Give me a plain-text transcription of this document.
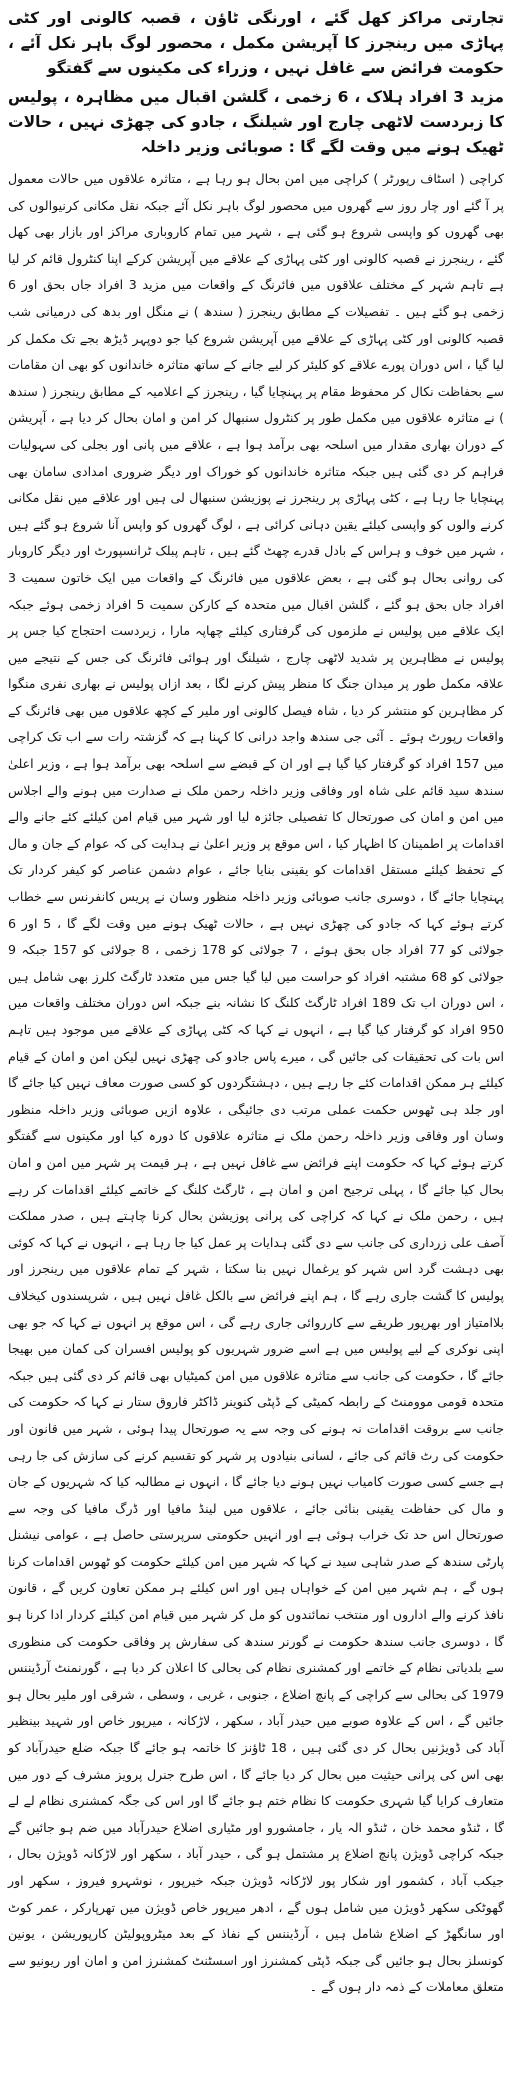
تجارتی مراکز کھل گئے ، اورنگی ٹاؤن ، قصبہ کالونی اور کٹی پہاڑی میں رینجرز کا آپریشن مکمل ، محصور لوگ باہر نکل آئے ، حکومت فرائض سے غافل نہیں ، وزراء کی مکینوں سے گفتگو
مزید 3 افراد ہلاک ، 6 زخمی ، گلشن اقبال میں مظاہرہ ، پولیس کا زبردست لاٹھی چارج اور شیلنگ ، جادو کی چھڑی نہیں ، حالات ٹھیک ہونے میں وقت لگے گا : صوبائی وزیر داخلہ

کراچی ( اسٹاف رپورٹر ) کراچی میں امن بحال ہو رہا ہے ، متاثرہ علاقوں میں حالات معمول پر آ گئے اور چار روز سے گھروں میں محصور لوگ باہر نکل آئے جبکہ نقل مکانی کرنیوالوں کی بھی گھروں کو واپسی شروع ہو گئی ہے ، شہر میں تمام کاروباری مراکز اور بازار بھی کھل گئے ، رینجرز نے قصبہ کالونی اور کٹی پہاڑی کے علاقے میں آپریشن کرکے اپنا کنٹرول قائم کر لیا ہے تاہم شہر کے مختلف علاقوں میں فائرنگ کے واقعات میں مزید 3 افراد جاں بحق اور 6 زخمی ہو گئے ہیں ۔ تفصیلات کے مطابق رینجرز ( سندھ ) نے منگل اور بدھ کی درمیانی شب قصبہ کالونی اور کٹی پہاڑی کے علاقے میں آپریشن شروع کیا جو دوپہر ڈیڑھ بجے تک مکمل کر لیا گیا ، اس دوران پورے علاقے کو کلیئر کر لیے جانے کے ساتھ متاثرہ خاندانوں کو بھی ان مقامات سے بحفاظت نکال کر محفوظ مقام پر پہنچایا گیا ، رینجرز کے اعلامیہ کے مطابق رینجرز ( سندھ ) نے متاثرہ علاقوں میں مکمل طور پر کنٹرول سنبھال کر امن و امان بحال کر دیا ہے ، آپریشن کے دوران بھاری مقدار میں اسلحہ بھی برآمد ہوا ہے ، علاقے میں پانی اور بجلی کی سہولیات فراہم کر دی گئی ہیں جبکہ متاثرہ خاندانوں کو خوراک اور دیگر ضروری امدادی سامان بھی پہنچایا جا رہا ہے ، کٹی پہاڑی پر رینجرز نے پوزیشن سنبھال لی ہیں اور علاقے میں نقل مکانی کرنے والوں کو واپسی کیلئے یقین دہانی کرائی ہے ، لوگ گھروں کو واپس آنا شروع ہو گئے ہیں ، شہر میں خوف و ہراس کے بادل قدرے چھٹ گئے ہیں ، تاہم پبلک ٹرانسپورٹ اور دیگر کاروبار کی روانی بحال ہو گئی ہے ، بعض علاقوں میں فائرنگ کے واقعات میں ایک خاتون سمیت 3 افراد جاں بحق ہو گئے ، گلشن اقبال میں متحدہ کے کارکن سمیت 5 افراد زخمی ہوئے جبکہ ایک علاقے میں پولیس نے ملزموں کی گرفتاری کیلئے چھاپہ مارا ، زبردست احتجاج کیا جس پر پولیس نے مظاہرین پر شدید لاٹھی چارج ، شیلنگ اور ہوائی فائرنگ کی جس کے نتیجے میں علاقہ مکمل طور پر میدان جنگ کا منظر پیش کرنے لگا ، بعد ازاں پولیس نے بھاری نفری منگوا کر مظاہرین کو منتشر کر دیا ، شاہ فیصل کالونی اور ملیر کے کچھ علاقوں میں بھی فائرنگ کے واقعات رپورٹ ہوئے ۔ آئی جی سندھ واجد درانی کا کہنا ہے کہ گزشتہ رات سے اب تک کراچی میں 157 افراد کو گرفتار کیا گیا ہے اور ان کے قبضے سے اسلحہ بھی برآمد ہوا ہے ، وزیر اعلیٰ سندھ سید قائم علی شاہ اور وفاقی وزیر داخلہ رحمن ملک نے صدارت میں ہونے والے اجلاس میں امن و امان کی صورتحال کا تفصیلی جائزہ لیا اور شہر میں قیام امن کیلئے کئے جانے والے اقدامات پر اطمینان کا اظہار کیا ، اس موقع پر وزیر اعلیٰ نے ہدایت کی کہ عوام کے جان و مال کے تحفظ کیلئے مستقل اقدامات کو یقینی بنایا جائے ، عوام دشمن عناصر کو کیفر کردار تک پہنچایا جائے گا ، دوسری جانب صوبائی وزیر داخلہ منظور وسان نے پریس کانفرنس سے خطاب کرتے ہوئے کہا کہ جادو کی چھڑی نہیں ہے ، حالات ٹھیک ہونے میں وقت لگے گا ، 5 اور 6 جولائی کو 77 افراد جاں بحق ہوئے ، 7 جولائی کو 178 زخمی ، 8 جولائی کو 157 جبکہ 9 جولائی کو 68 مشتبہ افراد کو حراست میں لیا گیا جس میں متعدد ٹارگٹ کلرز بھی شامل ہیں ، اس دوران اب تک 189 افراد ٹارگٹ کلنگ کا نشانہ بنے جبکہ اس دوران مختلف واقعات میں 950 افراد کو گرفتار کیا گیا ہے ، انہوں نے کہا کہ کٹی پہاڑی کے علاقے میں موجود ہیں تاہم اس بات کی تحقیقات کی جائیں گی ، میرے پاس جادو کی چھڑی نہیں لیکن امن و امان کے قیام کیلئے ہر ممکن اقدامات کئے جا رہے ہیں ، دہشتگردوں کو کسی صورت معاف نہیں کیا جائے گا اور جلد ہی ٹھوس حکمت عملی مرتب دی جائیگی ، علاوہ ازیں صوبائی وزیر داخلہ منظور وسان اور وفاقی وزیر داخلہ رحمن ملک نے متاثرہ علاقوں کا دورہ کیا اور مکینوں سے گفتگو کرتے ہوئے کہا کہ حکومت اپنے فرائض سے غافل نہیں ہے ، ہر قیمت پر شہر میں امن و امان بحال کیا جائے گا ، پہلی ترجیح امن و امان ہے ، ٹارگٹ کلنگ کے خاتمے کیلئے اقدامات کر رہے ہیں ، رحمن ملک نے کہا کہ کراچی کی پرانی پوزیشن بحال کرنا چاہتے ہیں ، صدر مملکت آصف علی زرداری کی جانب سے دی گئی ہدایات پر عمل کیا جا رہا ہے ، انہوں نے کہا کہ کوئی بھی دہشت گرد اس شہر کو یرغمال نہیں بنا سکتا ، شہر کے تمام علاقوں میں رینجرز اور پولیس کا گشت جاری رہے گا ، ہم اپنے فرائض سے بالکل غافل نہیں ہیں ، شرپسندوں کیخلاف بلاامتیاز اور بھرپور طریقے سے کارروائی جاری رہے گی ، اس موقع پر انہوں نے کہا کہ جو بھی اپنی نوکری کے لیے پولیس میں ہے اسے ضرور شہریوں کو پولیس افسران کی کمان میں بھیجا جائے گا ، حکومت کی جانب سے متاثرہ علاقوں میں امن کمیٹیاں بھی قائم کر دی گئی ہیں جبکہ متحدہ قومی موومنٹ کے رابطہ کمیٹی کے ڈپٹی کنوینر ڈاکٹر فاروق ستار نے کہا کہ حکومت کی جانب سے بروقت اقدامات نہ ہونے کی وجہ سے یہ صورتحال پیدا ہوئی ، شہر میں قانون اور حکومت کی رٹ قائم کی جائے ، لسانی بنیادوں پر شہر کو تقسیم کرنے کی سازش کی جا رہی ہے جسے کسی صورت کامیاب نہیں ہونے دیا جائے گا ، انہوں نے مطالبہ کیا کہ شہریوں کے جان و مال کی حفاظت یقینی بنائی جائے ، علاقوں میں لینڈ مافیا اور ڈرگ مافیا کی وجہ سے صورتحال اس حد تک خراب ہوئی ہے اور انہیں حکومتی سرپرستی حاصل ہے ، عوامی نیشنل پارٹی سندھ کے صدر شاہی سید نے کہا کہ شہر میں امن کیلئے حکومت کو ٹھوس اقدامات کرنا ہوں گے ، ہم شہر میں امن کے خواہاں ہیں اور اس کیلئے ہر ممکن تعاون کریں گے ، قانون نافذ کرنے والے اداروں اور منتخب نمائندوں کو مل کر شہر میں قیام امن کیلئے کردار ادا کرنا ہو گا ، دوسری جانب سندھ حکومت نے گورنر سندھ کی سفارش پر وفاقی حکومت کی منظوری سے بلدیاتی نظام کے خاتمے اور کمشنری نظام کی بحالی کا اعلان کر دیا ہے ، گورنمنٹ آرڈیننس 1979 کی بحالی سے کراچی کے پانچ اضلاع ، جنوبی ، غربی ، وسطی ، شرقی اور ملیر بحال ہو جائیں گے ، اس کے علاوہ صوبے میں حیدر آباد ، سکھر ، لاڑکانہ ، میرپور خاص اور شہید بینظیر آباد کی ڈویژنیں بحال کر دی گئی ہیں ، 18 ٹاؤنز کا خاتمہ ہو جائے گا جبکہ ضلع حیدرآباد کو بھی اس کی پرانی حیثیت میں بحال کر دیا جائے گا ، اس طرح جنرل پرویز مشرف کے دور میں متعارف کرایا گیا شہری حکومت کا نظام ختم ہو جائے گا اور اس کی جگہ کمشنری نظام لے لے گا ، ٹنڈو محمد خان ، ٹنڈو الہ یار ، جامشورو اور مٹیاری اضلاع حیدرآباد میں ضم ہو جائیں گے جبکہ کراچی ڈویژن پانچ اضلاع پر مشتمل ہو گی ، حیدر آباد ، سکھر اور لاڑکانہ ڈویژن بحال ، جیکب آباد ، کشمور اور شکار پور لاڑکانہ ڈویژن جبکہ خیرپور ، نوشہرو فیروز ، سکھر اور گھوٹکی سکھر ڈویژن میں شامل ہوں گے ، ادھر میرپور خاص ڈویژن میں تھرپارکر ، عمر کوٹ اور سانگھڑ کے اضلاع شامل ہیں ، آرڈیننس کے نفاذ کے بعد میٹروپولیٹن کارپوریشن ، یونین کونسلز بحال ہو جائیں گی جبکہ ڈپٹی کمشنرز اور اسسٹنٹ کمشنرز امن و امان اور ریونیو سے متعلق معاملات کے ذمہ دار ہوں گے ۔
